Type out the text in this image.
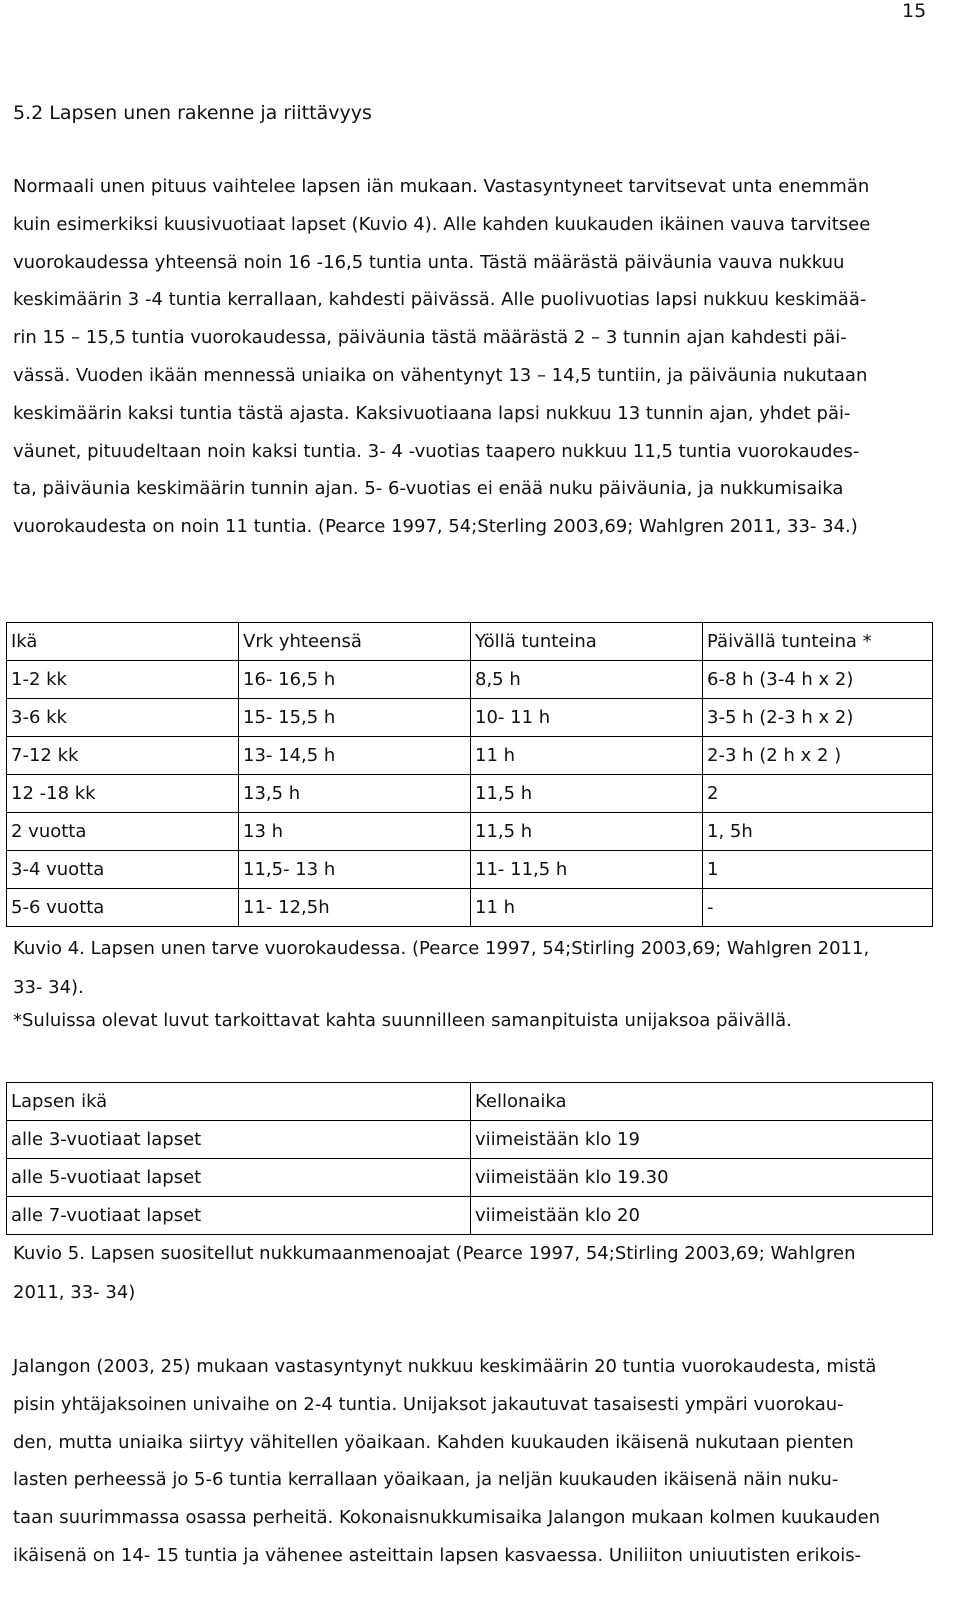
15
5.2 Lapsen unen rakenne ja riittävyys

Normaali unen pituus vaihtelee lapsen iän mukaan. Vastasyntyneet tarvitsevat unta enemmän
kuin esimerkiksi kuusivuotiaat lapset (Kuvio 4). Alle kahden kuukauden ikäinen vauva tarvitsee
vuorokaudessa yhteensä noin 16 -16,5 tuntia unta. Tästä määrästä päiväunia vauva nukkuu
keskimäärin 3 -4 tuntia kerrallaan, kahdesti päivässä. Alle puolivuotias lapsi nukkuu keskimää-
rin 15 – 15,5 tuntia vuorokaudessa, päiväunia tästä määrästä 2 – 3 tunnin ajan kahdesti päi-
vässä. Vuoden ikään mennessä uniaika on vähentynyt 13 – 14,5 tuntiin, ja päiväunia nukutaan
keskimäärin kaksi tuntia tästä ajasta. Kaksivuotiaana lapsi nukkuu 13 tunnin ajan, yhdet päi-
väunet, pituudeltaan noin kaksi tuntia. 3- 4 -vuotias taapero nukkuu 11,5 tuntia vuorokaudes-
ta, päiväunia keskimäärin tunnin ajan. 5- 6-vuotias ei enää nuku päiväunia, ja nukkumisaika
vuorokaudesta on noin 11 tuntia. (Pearce 1997, 54;Sterling 2003,69; Wahlgren 2011, 33- 34.)

Ikä	Vrk yhteensä	Yöllä tunteina	Päivällä tunteina *
1-2 kk	16- 16,5 h	8,5 h	6-8 h (3-4 h x 2)
3-6 kk	15- 15,5 h	10- 11 h	3-5 h (2-3 h x 2)
7-12 kk	13- 14,5 h	11 h	2-3 h (2 h x 2 )
12 -18 kk	13,5 h	11,5 h	2
2 vuotta	13 h	11,5 h	1, 5h
3-4 vuotta	11,5- 13 h	11- 11,5 h	1
5-6 vuotta	11- 12,5h	11 h	-

Kuvio 4. Lapsen unen tarve vuorokaudessa. (Pearce 1997, 54;Stirling 2003,69; Wahlgren 2011,
33- 34).

*Suluissa olevat luvut tarkoittavat kahta suunnilleen samanpituista unijaksoa päivällä.
Lapsen ikä	Kellonaika
alle 3-vuotiaat lapset	viimeistään klo 19
alle 5-vuotiaat lapset	viimeistään klo 19.30
alle 7-vuotiaat lapset	viimeistään klo 20

Kuvio 5. Lapsen suositellut nukkumaanmenoajat (Pearce 1997, 54;Stirling 2003,69; Wahlgren
2011, 33- 34)

Jalangon (2003, 25) mukaan vastasyntynyt nukkuu keskimäärin 20 tuntia vuorokaudesta, mistä
pisin yhtäjaksoinen univaihe on 2-4 tuntia. Unijaksot jakautuvat tasaisesti ympäri vuorokau-
den, mutta uniaika siirtyy vähitellen yöaikaan. Kahden kuukauden ikäisenä nukutaan pienten
lasten perheessä jo 5-6 tuntia kerrallaan yöaikaan, ja neljän kuukauden ikäisenä näin nuku-
taan suurimmassa osassa perheitä. Kokonaisnukkumisaika Jalangon mukaan kolmen kuukauden
ikäisenä on 14- 15 tuntia ja vähenee asteittain lapsen kasvaessa. Uniliiton uniuutisten erikois-
